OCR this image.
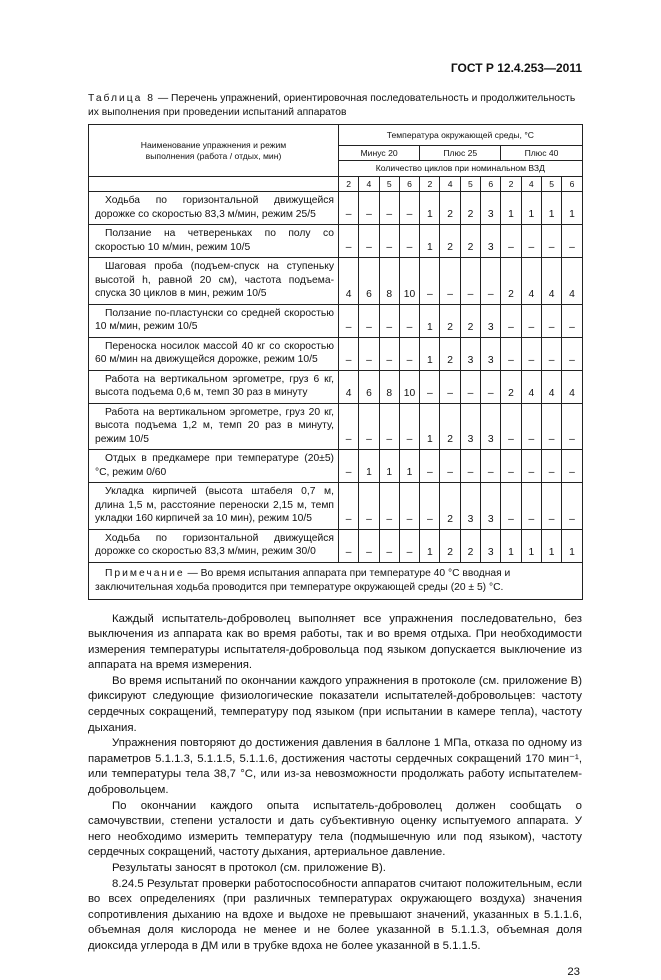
ГОСТ Р 12.4.253—2011
Таблица 8 — Перечень упражнений, ориентировочная последовательность и продолжительность их выполнения при проведении испытаний аппаратов
Наименование упражнения и режим выполнения (работа / отдых, мин)	Температура окружающей среды, °С											
	Минус 20				Плюс 25				Плюс 40			
	Количество циклов при номинальном ВЗД											
	2	4	5	6	2	4	5	6	2	4	5	6
Ходьба по горизонтальной движущейся дорожке со скоростью 83,3 м/мин, режим 25/5	–	–	–	–	1	2	2	3	1	1	1	1
Ползание на четверенькax по полу со скоростью 10 м/мин, режим 10/5	–	–	–	–	1	2	2	3	–	–	–	–
Шаговая проба (подъем-спуск на ступеньку высотой h, равной 20 см), частота подъема-спуска 30 циклов в мин, режим 10/5	4	6	8	10	–	–	–	–	2	4	4	4
Ползание по-пластунски со средней скоростью 10 м/мин, режим 10/5	–	–	–	–	1	2	2	3	–	–	–	–
Переноска носилок массой 40 кг со скоростью 60 м/мин на движущейся дорожке, режим 10/5	–	–	–	–	1	2	3	3	–	–	–	–
Работа на вертикальном эргометре, груз 6 кг, высота подъема 0,6 м, темп 30 раз в минуту	4	6	8	10	–	–	–	–	2	4	4	4
Работа на вертикальном эргометре, груз 20 кг, высота подъема 1,2 м, темп 20 раз в минуту, режим 10/5	–	–	–	–	1	2	3	3	–	–	–	–
Отдых в предкамере при температуре (20±5) °С, режим 0/60	–	1	1	1	–	–	–	–	–	–	–	–
Укладка кирпичей (высота штабеля 0,7 м, длина 1,5 м, расстояние переноски 2,15 м, темп укладки 160 кирпичей за 10 мин), режим 10/5	–	–	–	–	–	2	3	3	–	–	–	–
Ходьба по горизонтальной движущейся дорожке со скоростью 83,3 м/мин, режим 30/0	–	–	–	–	1	2	2	3	1	1	1	1
Примечание — Во время испытания аппарата при температуре 40 °С вводная и заключительная ходьба проводится при температуре окружающей среды (20 ± 5) °С.												

Каждый испытатель-доброволец выполняет все упражнения последовательно, без выключения из аппарата как во время работы, так и во время отдыха. При необходимости измерения температуры испытателя-добровольца под языком допускается выключение из аппарата на время измерения.

Во время испытаний по окончании каждого упражнения в протоколе (см. приложение В) фиксируют следующие физиологические показатели испытателей-добровольцев: частоту сердечных сокращений, температуру под языком (при испытании в камере тепла), частоту дыхания.

Упражнения повторяют до достижения давления в баллоне 1 МПа, отказа по одному из параметров 5.1.1.3, 5.1.1.5, 5.1.1.6, достижения частоты сердечных сокращений 170 мин⁻¹, или температуры тела 38,7 °С, или из-за невозможности продолжать работу испытателем-добровольцем.

По окончании каждого опыта испытатель-доброволец должен сообщать о самочувствии, степени усталости и дать субъективную оценку испытуемого аппарата. У него необходимо измерить температуру тела (подмышечную или под языком), частоту сердечных сокращений, частоту дыхания, артериальное давление.

Результаты заносят в протокол (см. приложение В).

8.24.5 Результат проверки работоспособности аппаратов считают положительным, если во всех определениях (при различных температурах окружающего воздуха) значения сопротивления дыханию на вдохе и выдохе не превышают значений, указанных в 5.1.1.6, объемная доля кислорода не менее и не более указанной в 5.1.1.3, объемная доля диоксида углерода в ДМ или в трубке вдоха не более указанной в 5.1.1.5.

23
